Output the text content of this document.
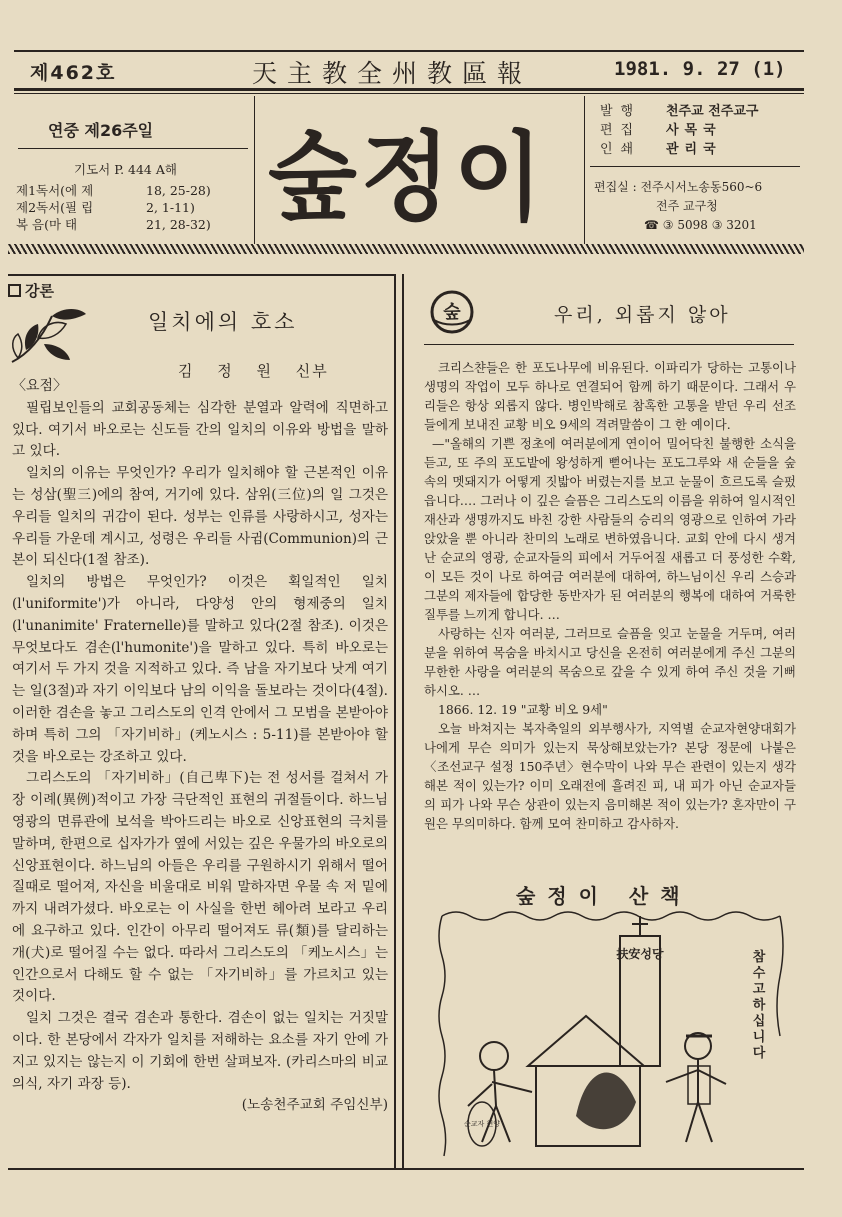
제462호	天主教全州教區報	1981. 9. 27 (1)
연중 제26주일
기도서 P. 444 A해
제1독서(에 제	18, 25-28)
제2독서(필 립	2, 1-11)
복 음(마 태	21, 28-32) 숲정이
발행	천주교 전주교구
편집	사목국
인쇄	관리국
편집실 : 전주시서노송동560~6
전주 교구청
☎ ③ 5098 ③ 3201
강론
일치에의 호소
김 정 원 신부
〈요점〉

필립보인들의 교회공동체는 심각한 분열과 알력에 직면하고 있다. 여기서 바오로는 신도들 간의 일치의 이유와 방법을 말하고 있다.

일치의 이유는 무엇인가? 우리가 일치해야 할 근본적인 이유는 성삼(聖三)에의 참여, 거기에 있다. 삼위(三位)의 일 그것은 우리들 일치의 귀감이 된다. 성부는 인류를 사랑하시고, 성자는 우리들 가운데 계시고, 성령은 우리들 사귐(Communion)의 근본이 되신다(1절 참조).

일치의 방법은 무엇인가? 이것은 획일적인 일치(l'uniformite')가 아니라, 다양성 안의 형제중의 일치(l'unanimite' Fraternelle)를 말하고 있다(2절 참조). 이것은 무엇보다도 겸손(l'humonite')을 말하고 있다. 특히 바오로는 여기서 두 가지 것을 지적하고 있다. 즉 남을 자기보다 낫게 여기는 일(3절)과 자기 이익보다 남의 이익을 돌보라는 것이다(4절). 이러한 겸손을 놓고 그리스도의 인격 안에서 그 모범을 본받아야 하며 특히 그의 「자기비하」(케노시스 : 5-11)를 본받아야 할 것을 바오로는 강조하고 있다.

그리스도의 「자기비하」(自己卑下)는 전 성서를 걸쳐서 가장 이례(異例)적이고 가장 극단적인 표현의 귀절들이다. 하느님 영광의 면류관에 보석을 박아드리는 바오로 신앙표현의 극치를 말하며, 한편으로 십자가가 옆에 서있는 깊은 우물가의 바오로의 신앙표현이다. 하느님의 아들은 우리를 구원하시기 위해서 떨어질때로 떨어져, 자신을 비울대로 비워 말하자면 우물 속 저 밑에까지 내려가셨다. 바오로는 이 사실을 한번 헤아려 보라고 우리에 요구하고 있다. 인간이 아무리 떨어져도 류(類)를 달리하는 개(犬)로 떨어질 수는 없다. 따라서 그리스도의 「케노시스」는 인간으로서 다해도 할 수 없는 「자기비하」를 가르치고 있는 것이다.

일치 그것은 결국 겸손과 통한다. 겸손이 없는 일치는 거짓말이다. 한 본당에서 각자가 일치를 저해하는 요소를 자기 안에 가지고 있지는 않는지 이 기회에 한번 살펴보자. (카리스마의 비교의식, 자기 과장 등).

(노송천주교회 주임신부)

숲	우리, 외롭지 않아

크리스챤들은 한 포도나무에 비유된다. 이파리가 당하는 고통이나 생명의 작업이 모두 하나로 연결되어 함께 하기 때문이다. 그래서 우리들은 항상 외롭지 않다. 병인박해로 참혹한 고통을 받던 우리 선조들에게 보내진 교황 비오 9세의 격려말씀이 그 한 예이다.

—"올해의 기쁜 정초에 여러분에게 연이어 밀어닥친 불행한 소식을 듣고, 또 주의 포도밭에 왕성하게 뻗어나는 포도그루와 새 순들을 숲속의 멧돼지가 어떻게 짓밟아 버렸는지를 보고 눈물이 흐르도록 슬펐읍니다.… 그러나 이 깊은 슬픔은 그리스도의 이름을 위하여 일시적인 재산과 생명까지도 바친 강한 사람들의 승리의 영광으로 인하여 가라앉았을 뿐 아니라 찬미의 노래로 변하였읍니다. 교회 안에 다시 생겨난 순교의 영광, 순교자들의 피에서 거두어질 새롭고 더 풍성한 수확, 이 모든 것이 나로 하여금 여러분에 대하여, 하느님이신 우리 스승과 그분의 제자들에 합당한 동반자가 된 여러분의 행복에 대하여 거룩한 질투를 느끼게 합니다. …

사랑하는 신자 여러분, 그러므로 슬픔을 잊고 눈물을 거두며, 여러분을 위하여 목숨을 바치시고 당신을 온전히 여러분에게 주신 그분의 무한한 사랑을 여러분의 목숨으로 갚을 수 있게 하여 주신 것을 기뻐하시오. …

1866. 12. 19 "교황 비오 9세"

오늘 바쳐지는 복자축일의 외부행사가, 지역별 순교자현양대회가 나에게 무슨 의미가 있는지 묵상해보았는가? 본당 정문에 나붙은 〈조선교구 설정 150주년〉현수막이 나와 무슨 관련이 있는지 생각해본 적이 있는가? 이미 오래전에 흘려진 피, 내 피가 아닌 순교자들의 피가 나와 무슨 상관이 있는지 음미해본 적이 있는가? 혼자만이 구원은 무의미하다. 함께 모여 찬미하고 감사하자.

숲정이 산책
扶安성당
순교자 현양
참수고하십니다
